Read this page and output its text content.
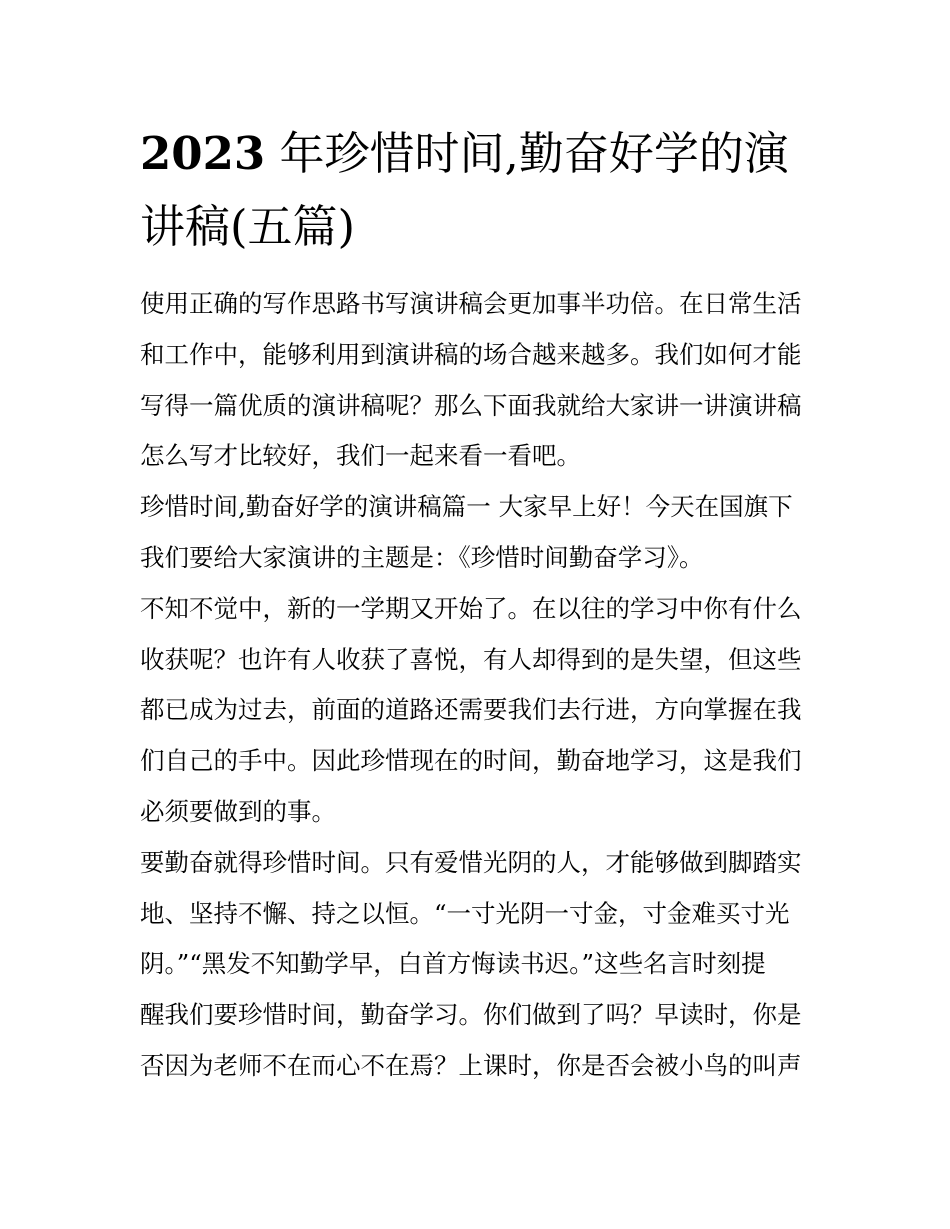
2023 年珍惜时间,勤奋好学的演
讲稿(五篇)
使用正确的写作思路书写演讲稿会更加事半功倍。在日常生活
和工作中，能够利用到演讲稿的场合越来越多。我们如何才能
写得一篇优质的演讲稿呢？那么下面我就给大家讲一讲演讲稿
怎么写才比较好，我们一起来看一看吧。
珍惜时间,勤奋好学的演讲稿篇一 大家早上好！今天在国旗下
我们要给大家演讲的主题是：《珍惜时间勤奋学习》。
不知不觉中，新的一学期又开始了。在以往的学习中你有什么
收获呢？也许有人收获了喜悦，有人却得到的是失望，但这些
都已成为过去，前面的道路还需要我们去行进，方向掌握在我
们自己的手中。因此珍惜现在的时间，勤奋地学习，这是我们
必须要做到的事。
要勤奋就得珍惜时间。只有爱惜光阴的人，才能够做到脚踏实
地、坚持不懈、持之以恒。“一寸光阴一寸金，寸金难买寸光
阴。”“黑发不知勤学早，白首方悔读书迟。”这些名言时刻提
醒我们要珍惜时间，勤奋学习。你们做到了吗？早读时，你是
否因为老师不在而心不在焉？上课时，你是否会被小鸟的叫声
